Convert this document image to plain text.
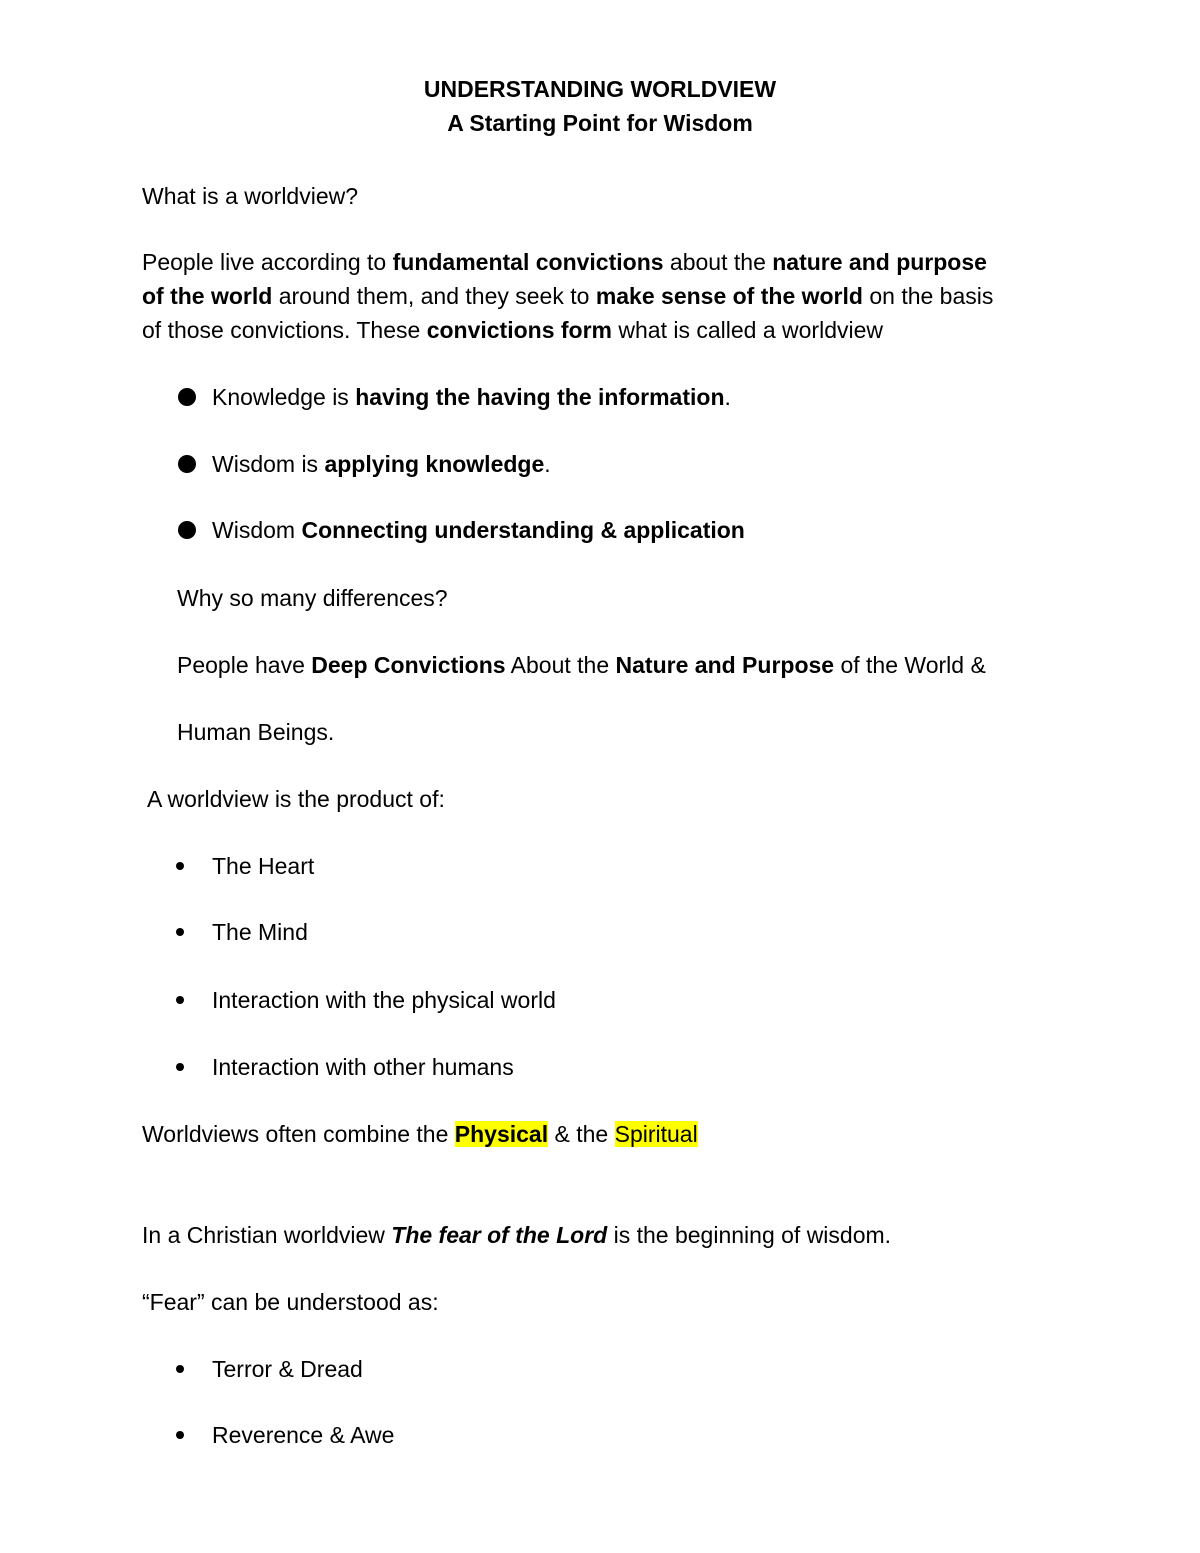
UNDERSTANDING WORLDVIEW
A Starting Point for Wisdom
What is a worldview?
People live according to fundamental convictions about the nature and purpose
of the world around them, and they seek to make sense of the world on the basis
of those convictions. These convictions form what is called a worldview
Knowledge is having the having the information.
Wisdom is applying knowledge.
Wisdom Connecting understanding & application
Why so many differences?
People have Deep Convictions About the Nature and Purpose of the World &
Human Beings.
A worldview is the product of:
The Heart
The Mind
Interaction with the physical world
Interaction with other humans
Worldviews often combine the Physical & the Spiritual
In a Christian worldview The fear of the Lord is the beginning of wisdom.
“Fear” can be understood as:
Terror & Dread
Reverence & Awe
